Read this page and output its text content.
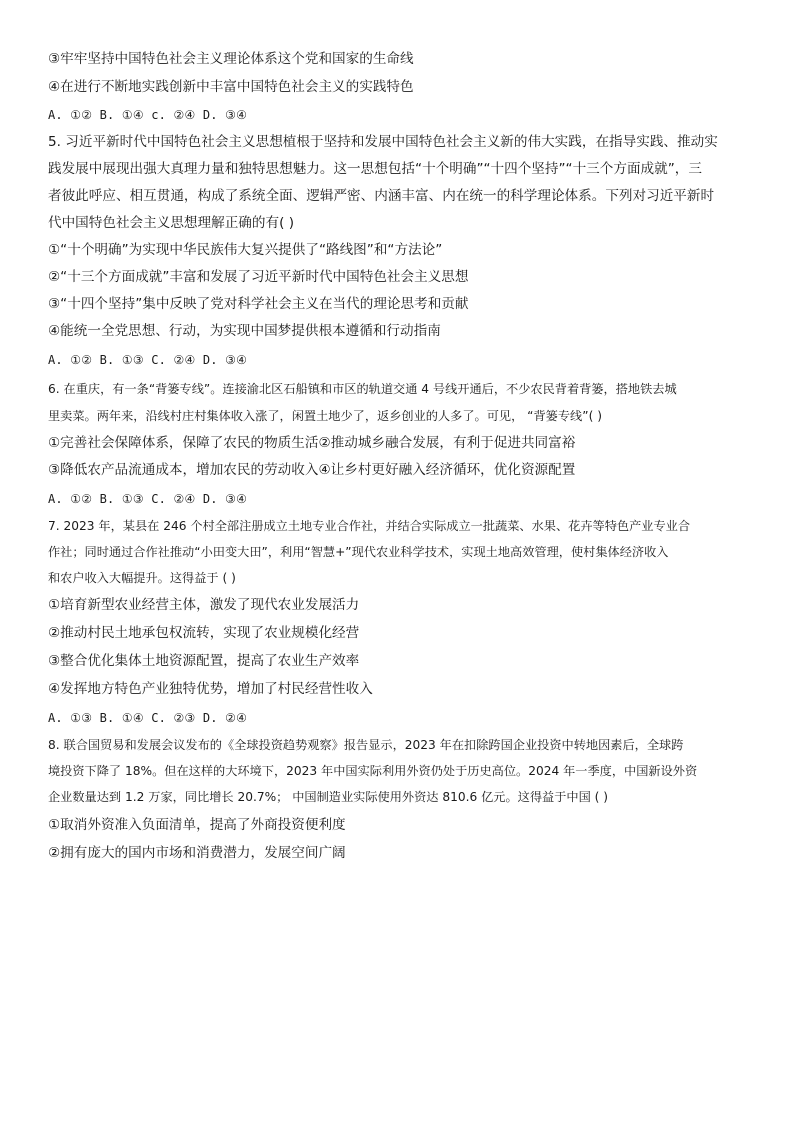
③牢牢坚持中国特色社会主义理论体系这个党和国家的生命线
④在进行不断地实践创新中丰富中国特色社会主义的实践特色
A. ①② B. ①④ c. ②④ D. ③④
5. 习近平新时代中国特色社会主义思想植根于坚持和发展中国特色社会主义新的伟大实践，在指导实践、推动实
践发展中展现出强大真理力量和独特思想魅力。这一思想包括“十个明确”“十四个坚持”“十三个方面成就”，三
者彼此呼应、相互贯通，构成了系统全面、逻辑严密、内涵丰富、内在统一的科学理论体系。下列对习近平新时
代中国特色社会主义思想理解正确的有( )
①“十个明确”为实现中华民族伟大复兴提供了“路线图”和“方法论”
②“十三个方面成就”丰富和发展了习近平新时代中国特色社会主义思想
③“十四个坚持”集中反映了党对科学社会主义在当代的理论思考和贡献
④能统一全党思想、行动，为实现中国梦提供根本遵循和行动指南
A. ①② B. ①③ C. ②④ D. ③④
6. 在重庆，有一条“背篓专线”。连接渝北区石船镇和市区的轨道交通 4 号线开通后，不少农民背着背篓，搭地铁去城
里卖菜。两年来，沿线村庄村集体收入涨了，闲置土地少了，返乡创业的人多了。可见， “背篓专线”( )
①完善社会保障体系，保障了农民的物质生活②推动城乡融合发展，有利于促进共同富裕
③降低农产品流通成本，增加农民的劳动收入④让乡村更好融入经济循环，优化资源配置
A. ①② B. ①③ C. ②④ D. ③④
7. 2023 年，某县在 246 个村全部注册成立土地专业合作社，并结合实际成立一批蔬菜、水果、花卉等特色产业专业合
作社；同时通过合作社推动“小田变大田”，利用“智慧+”现代农业科学技术，实现土地高效管理，使村集体经济收入
和农户收入大幅提升。这得益于 ( )
①培育新型农业经营主体，激发了现代农业发展活力
②推动村民土地承包权流转，实现了农业规模化经营
③整合优化集体土地资源配置，提高了农业生产效率
④发挥地方特色产业独特优势，增加了村民经营性收入
A. ①③ B. ①④ C. ②③ D. ②④
8. 联合国贸易和发展会议发布的《全球投资趋势观察》报告显示，2023 年在扣除跨国企业投资中转地因素后，全球跨
境投资下降了 18%。但在这样的大环境下，2023 年中国实际利用外资仍处于历史高位。2024 年一季度，中国新设外资
企业数量达到 1.2 万家，同比增长 20.7%； 中国制造业实际使用外资达 810.6 亿元。这得益于中国 ( )
①取消外资准入负面清单，提高了外商投资便利度
②拥有庞大的国内市场和消费潜力，发展空间广阔
